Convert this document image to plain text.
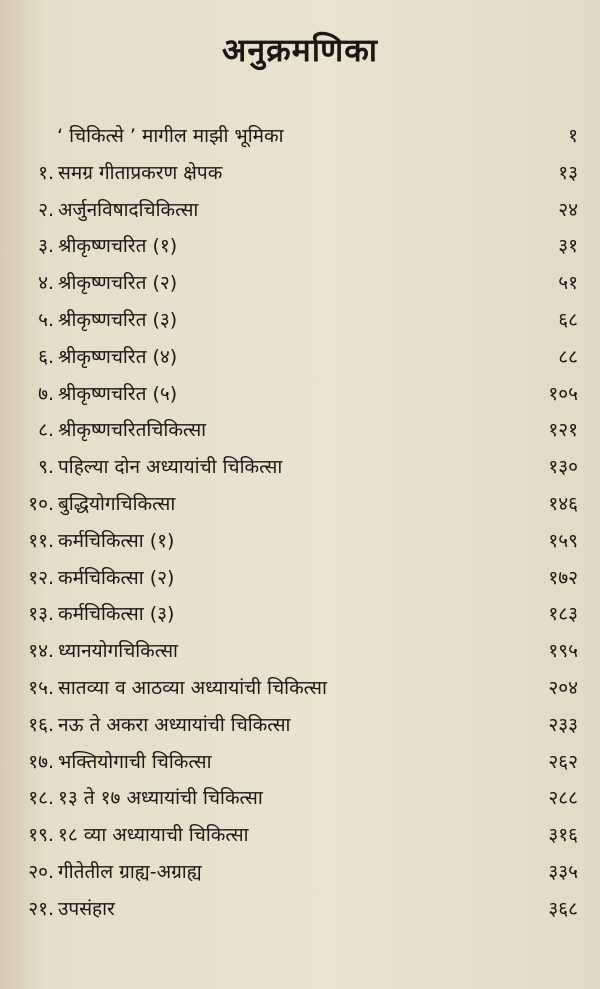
अनुक्रमणिका
‘ चिकित्से ’ मागील माझी भूमिका	१
१. समग्र गीताप्रकरण क्षेपक	१३
२. अर्जुनविषादचिकित्सा	२४
३. श्रीकृष्णचरित (१)	३१
४. श्रीकृष्णचरित (२)	५१
५. श्रीकृष्णचरित (३)	६८
६. श्रीकृष्णचरित (४)	८८
७. श्रीकृष्णचरित (५)	१०५
८. श्रीकृष्णचरितचिकित्सा	१२१
९. पहिल्या दोन अध्यायांची चिकित्सा	१३०
१०. बुद्धियोगचिकित्सा	१४६
११. कर्मचिकित्सा (१)	१५९
१२. कर्मचिकित्सा (२)	१७२
१३. कर्मचिकित्सा (३)	१८३
१४. ध्यानयोगचिकित्सा	१९५
१५. सातव्या व आठव्या अध्यायांची चिकित्सा	२०४
१६. नऊ ते अकरा अध्यायांची चिकित्सा	२३३
१७. भक्तियोगाची चिकित्सा	२६२
१८. १३ ते १७ अध्यायांची चिकित्सा	२८८
१९. १८ व्या अध्यायाची चिकित्सा	३१६
२०. गीतेतील ग्राह्य-अग्राह्य	३३५
२१. उपसंहार	३६८
